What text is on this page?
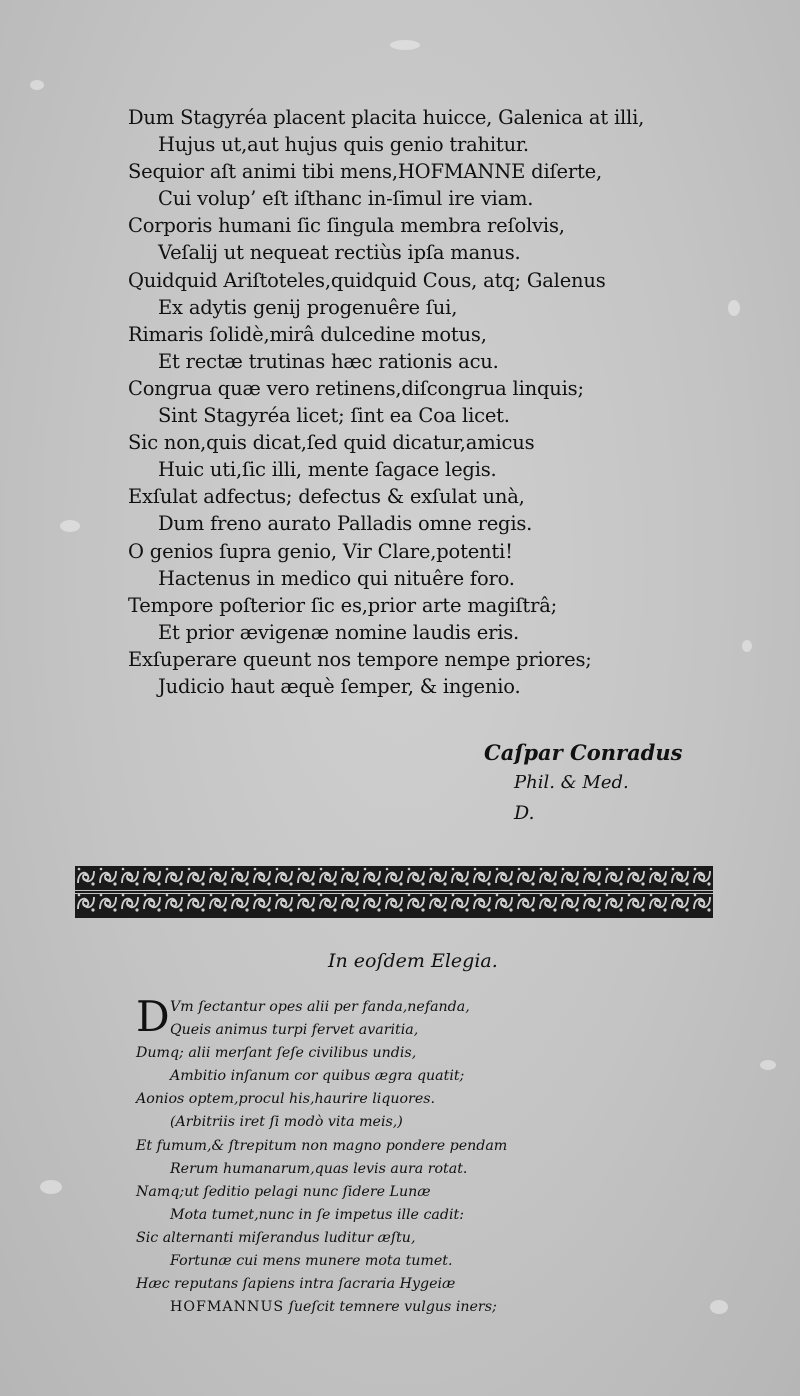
Dum Stagyréa placent placita huicce, Galenica at illi,
Hujus ut,aut hujus quis genio trahitur.
Sequior aſt animi tibi mens,HOFMANNE diſerte,
Cui volup’ eſt iſthanc in-ſimul ire viam.
Corporis humani ſic ſingula membra reſolvis,
Veſalij ut nequeat rectiùs ipſa manus.
Quidquid Ariſtoteles,quidquid Cous, atq; Galenus
Ex adytis genij progenuêre ſui,
Rimaris ſolidè,mirâ dulcedine motus,
Et rectæ trutinas hæc rationis acu.
Congrua quæ vero retinens,diſcongrua linquis;
Sint Stagyréa licet; ſint ea Coa licet.
Sic non,quis dicat,ſed quid dicatur,amicus
Huic uti,ſic illi, mente ſagace legis.
Exſulat adfectus; defectus & exſulat unà,
Dum freno aurato Palladis omne regis.
O genios ſupra genio, Vir Clare,potenti!
Hactenus in medico qui nituêre foro.
Tempore poſterior ſic es,prior arte magiſtrâ;
Et prior ævigenæ nomine laudis eris.
Exſuperare queunt nos tempore nempe priores;
Judicio haut æquè ſemper, & ingenio.
Caſpar Conradus
Phil. & Med.
D.
In eoſdem Elegia.
D Vm ſectantur opes alii per fanda,nefanda,
Queis animus turpi fervet avaritia,
Dumq; alii merſant ſeſe civilibus undis,
Ambitio inſanum cor quibus ægra quatit;
Aonios optem,procul his,haurire liquores.
(Arbitriis iret ſi modò vita meis,)
Et fumum,& ſtrepitum non magno pondere pendam
Rerum humanarum,quas levis aura rotat.
Namq;ut ſeditio pelagi nunc ſidere Lunæ
Mota tumet,nunc in ſe impetus ille cadit:
Sic alternanti miſerandus luditur æſtu,
Fortunæ cui mens munere mota tumet.
Hæc reputans ſapiens intra ſacraria Hygeiæ
HOFMANNUS ſueſcit temnere vulgus iners;
